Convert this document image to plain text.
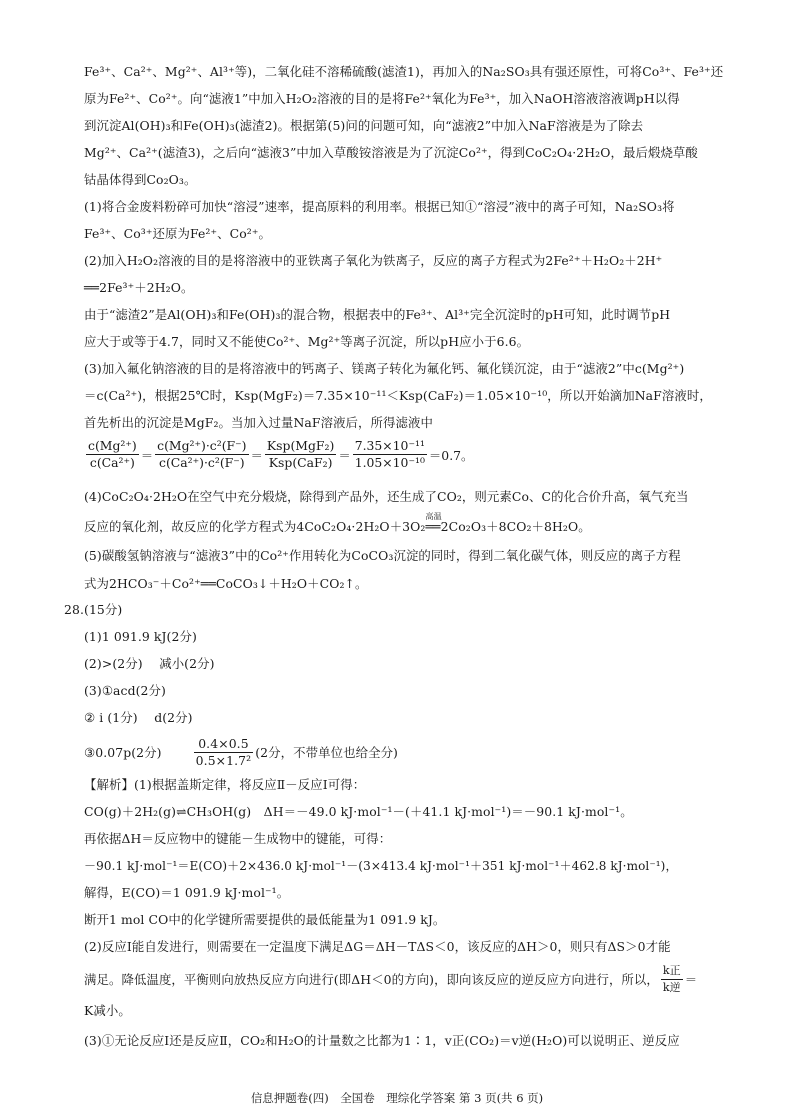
Fe³⁺、Ca²⁺、Mg²⁺、Al³⁺等)，二氧化硅不溶稀硫酸(滤渣1)，再加入的Na₂SO₃具有强还原性，可将Co³⁺、Fe³⁺还
原为Fe²⁺、Co²⁺。向“滤液1”中加入H₂O₂溶液的目的是将Fe²⁺氧化为Fe³⁺，加入NaOH溶液溶液调pH以得
到沉淀Al(OH)₃和Fe(OH)₃(滤渣2)。根据第(5)问的问题可知，向“滤液2”中加入NaF溶液是为了除去
Mg²⁺、Ca²⁺(滤渣3)，之后向“滤液3”中加入草酸铵溶液是为了沉淀Co²⁺，得到CoC₂O₄·2H₂O，最后煅烧草酸
钴晶体得到Co₂O₃。
(1)将合金废料粉碎可加快“溶浸”速率，提高原料的利用率。根据已知①“溶浸”液中的离子可知，Na₂SO₃将
Fe³⁺、Co³⁺还原为Fe²⁺、Co²⁺。
(2)加入H₂O₂溶液的目的是将溶液中的亚铁离子氧化为铁离子，反应的离子方程式为2Fe²⁺＋H₂O₂＋2H⁺
══2Fe³⁺＋2H₂O。
由于“滤渣2”是Al(OH)₃和Fe(OH)₃的混合物，根据表中的Fe³⁺、Al³⁺完全沉淀时的pH可知，此时调节pH
应大于或等于4.7，同时又不能使Co²⁺、Mg²⁺等离子沉淀，所以pH应小于6.6。
(3)加入氟化钠溶液的目的是将溶液中的钙离子、镁离子转化为氟化钙、氟化镁沉淀，由于“滤液2”中c(Mg²⁺)
＝c(Ca²⁺)，根据25℃时，Ksp(MgF₂)＝7.35×10⁻¹¹＜Ksp(CaF₂)＝1.05×10⁻¹⁰，所以开始滴加NaF溶液时，
首先析出的沉淀是MgF₂。当加入过量NaF溶液后，所得滤液中
$\frac{\text{c(Mg²⁺)}}{\text{c(Ca²⁺)}} = \frac{\text{c(Mg²⁺)·c²(F⁻)}}{\text{c(Ca²⁺)·c²(F⁻)}}$ ＝
Ksp(MgF₂)
$Ksp(CaF_2) = \frac{\text{7.35×10⁻¹¹}}{\text{1.05×10⁻¹⁰}} =0.7$。
(4)CoC₂O₄·2H₂O在空气中充分煅烧，除得到产品外，还生成了CO₂，则元素Co、C的化合价升高，氧气充当
反应的氧化剂，故反应的化学方程式为4CoC₂O₄·2H₂O＋3O₂
高温
══2Co₂O₃＋8CO₂＋8H₂O。
(5)碳酸氢钠溶液与“滤液3”中的Co²⁺作用转化为CoCO₃沉淀的同时，得到二氧化碳气体，则反应的离子方程
式为2HCO₃⁻＋Co²⁺══CoCO₃↓＋H₂O＋CO₂↑。
28.(15分)
(1)1 091.9 kJ(2分)
(2)>(2分)　 减小(2分)
(3)①acd(2分)
② i (1分)　 d(2分)
③0.07p(2分)	$\frac{0.4\times 0.5}{\text{0.5×1.7²}} (2$分，不带单位也给全分)
【解析】(1)根据盖斯定律，将反应Ⅱ－反应Ⅰ可得：
CO(g)＋2H₂(g)⇌CH₃OH(g)　ΔH＝－49.0 kJ·mol⁻¹－(＋41.1 kJ·mol⁻¹)＝－90.1 kJ·mol⁻¹。
再依据ΔH＝反应物中的键能－生成物中的键能，可得：
－90.1 kJ·mol⁻¹＝E(CO)＋2×436.0 kJ·mol⁻¹－(3×413.4 kJ·mol⁻¹＋351 kJ·mol⁻¹＋462.8 kJ·mol⁻¹)，
解得，E(CO)＝1 091.9 kJ·mol⁻¹。
断开1 mol CO中的化学键所需要提供的最低能量为1 091.9 kJ。
(2)反应Ⅰ能自发进行，则需要在一定温度下满足ΔG＝ΔH－TΔS＜0，该反应的ΔH＞0，则只有ΔS＞0才能
满足。降低温度，平衡则向放热反应方向进行(即ΔH＜0的方向)，即向该反应的逆反应方向进行，所以，
k正
k逆
＝
K减小。
(3)①无论反应Ⅰ还是反应Ⅱ，CO₂和H₂O的计量数之比都为1∶1，v正(CO₂)＝v逆(H₂O)可以说明正、逆反应
信息押题卷(四)　全国卷　理综化学答案 第 3 页(共 6 页)
